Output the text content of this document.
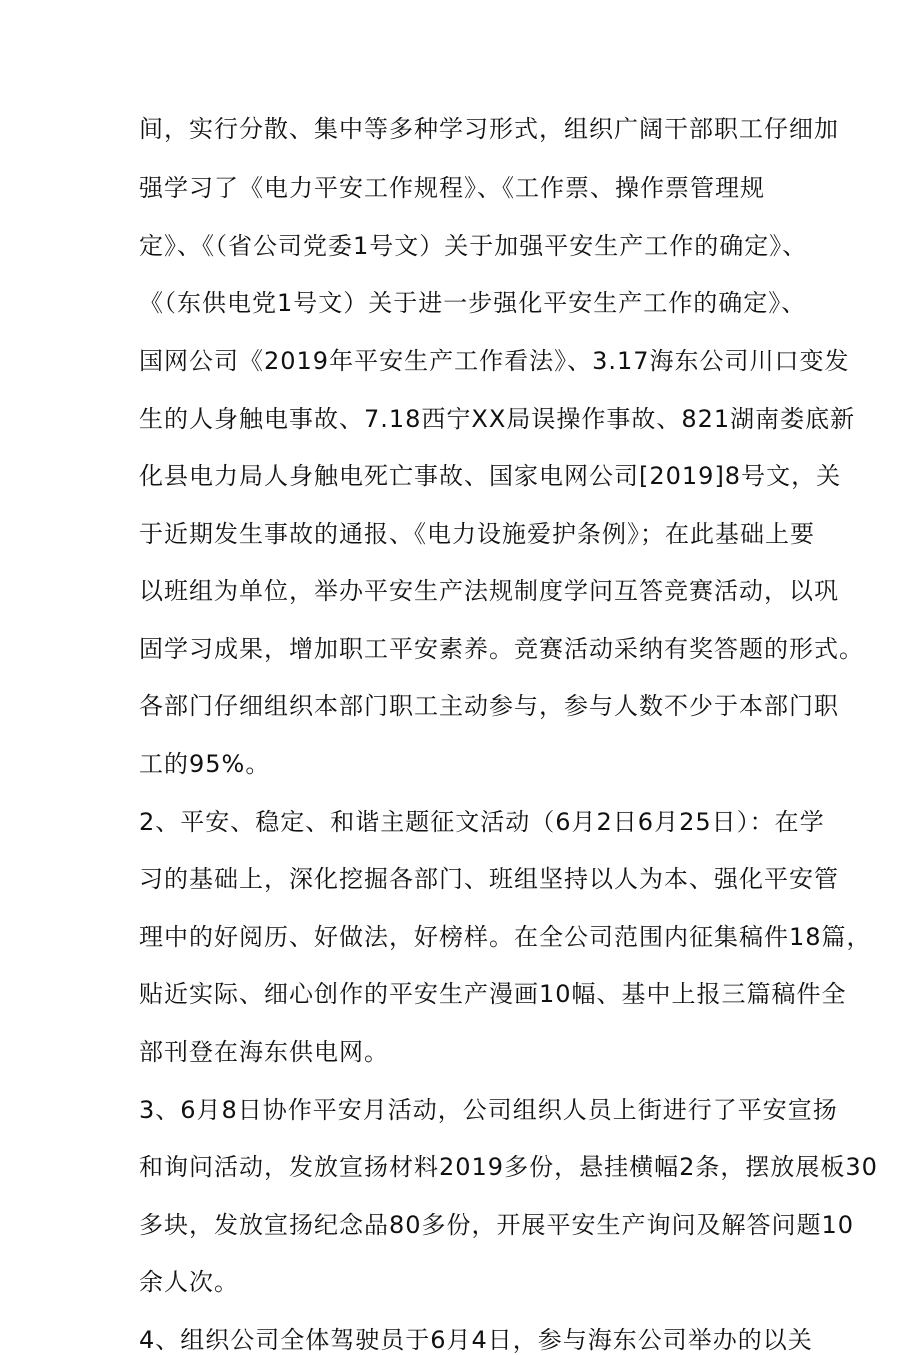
间，实行分散、集中等多种学习形式，组织广阔干部职工仔细加
强学习了《电力平安工作规程》、《工作票、操作票管理规
定》、《（省公司党委1号文）关于加强平安生产工作的确定》、
《（东供电党1号文）关于进一步强化平安生产工作的确定》、
国网公司《2019年平安生产工作看法》、3.17海东公司川口变发
生的人身触电事故、7.18西宁XX局误操作事故、821湖南娄底新
化县电力局人身触电死亡事故、国家电网公司[2019]8号文，关
于近期发生事故的通报、《电力设施爱护条例》；在此基础上要
以班组为单位，举办平安生产法规制度学问互答竞赛活动，以巩
固学习成果，增加职工平安素养。竞赛活动采纳有奖答题的形式。
各部门仔细组织本部门职工主动参与，参与人数不少于本部门职
工的95%。
2、平安、稳定、和谐主题征文活动（6月2日6月25日）：在学
习的基础上，深化挖掘各部门、班组坚持以人为本、强化平安管
理中的好阅历、好做法，好榜样。在全公司范围内征集稿件18篇，
贴近实际、细心创作的平安生产漫画10幅、基中上报三篇稿件全
部刊登在海东供电网。
3、6月8日协作平安月活动，公司组织人员上街进行了平安宣扬
和询问活动，发放宣扬材料2019多份，悬挂横幅2条，摆放展板30
多块，发放宣扬纪念品80多份，开展平安生产询问及解答问题10
余人次。
4、组织公司全体驾驶员于6月4日，参与海东公司举办的以关
